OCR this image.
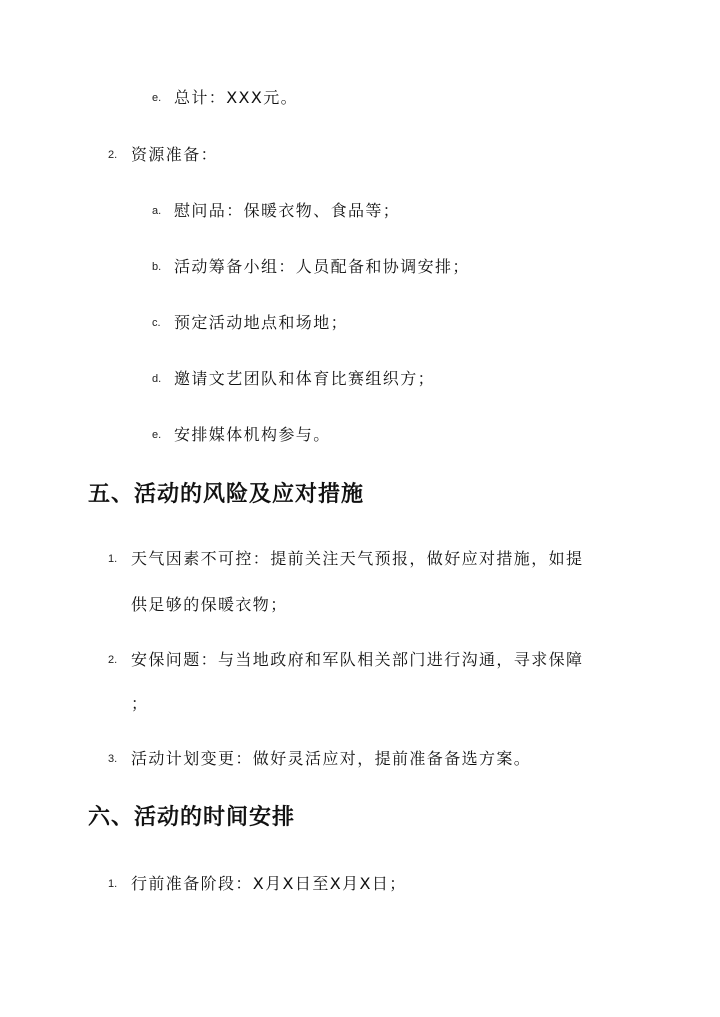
e. 总计：XXX元。
2. 资源准备：
a. 慰问品：保暖衣物、食品等；
b. 活动筹备小组：人员配备和协调安排；
c. 预定活动地点和场地；
d. 邀请文艺团队和体育比赛组织方；
e. 安排媒体机构参与。
五、活动的风险及应对措施
1. 天气因素不可控：提前关注天气预报，做好应对措施，如提
供足够的保暖衣物；
2. 安保问题：与当地政府和军队相关部门进行沟通，寻求保障
；
3. 活动计划变更：做好灵活应对，提前准备备选方案。
六、活动的时间安排
1. 行前准备阶段：X月X日至X月X日；
